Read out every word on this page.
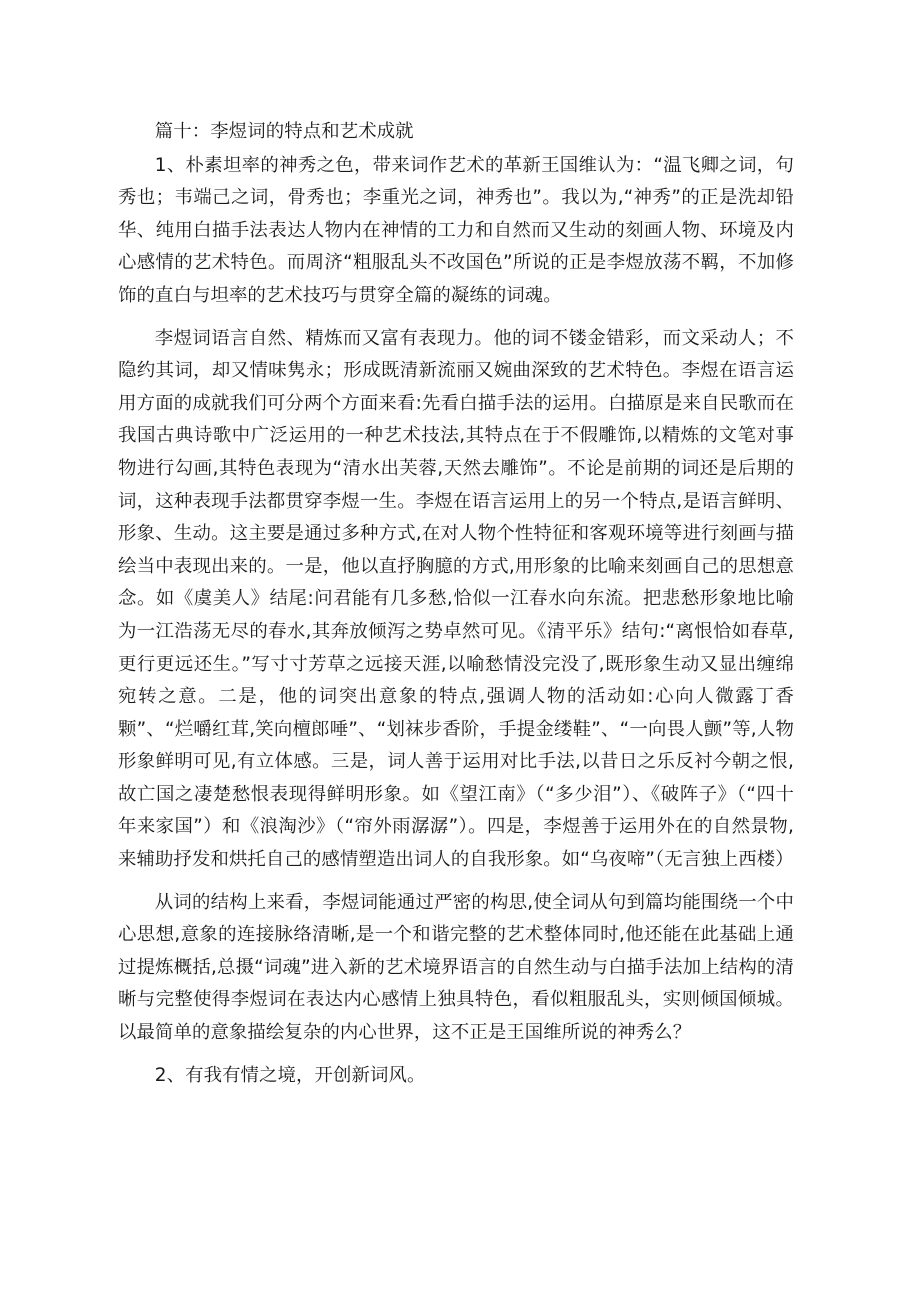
篇十：李煜词的特点和艺术成就

1、朴素坦率的神秀之色，带来词作艺术的革新王国维认为：“温飞卿之词，句秀也；韦端己之词，骨秀也；李重光之词，神秀也”。我以为,“神秀”的正是洗却铅华、纯用白描手法表达人物内在神情的工力和自然而又生动的刻画人物、环境及内心感情的艺术特色。而周济“粗服乱头不改国色”所说的正是李煜放荡不羁，不加修饰的直白与坦率的艺术技巧与贯穿全篇的凝练的词魂。

李煜词语言自然、精炼而又富有表现力。他的词不镂金错彩，而文采动人；不隐约其词，却又情味隽永；形成既清新流丽又婉曲深致的艺术特色。李煜在语言运用方面的成就我们可分两个方面来看:先看白描手法的运用。白描原是来自民歌而在我国古典诗歌中广泛运用的一种艺术技法,其特点在于不假雕饰,以精炼的文笔对事物进行勾画,其特色表现为“清水出芙蓉,天然去雕饰”。不论是前期的词还是后期的词，这种表现手法都贯穿李煜一生。李煜在语言运用上的另一个特点,是语言鲜明、形象、生动。这主要是通过多种方式,在对人物个性特征和客观环境等进行刻画与描绘当中表现出来的。一是，他以直抒胸臆的方式,用形象的比喻来刻画自己的思想意念。如《虞美人》结尾:问君能有几多愁,恰似一江春水向东流。把悲愁形象地比喻为一江浩荡无尽的春水,其奔放倾泻之势卓然可见。《清平乐》结句:“离恨恰如春草,更行更远还生。”写寸寸芳草之远接天涯,以喻愁情没完没了,既形象生动又显出缠绵宛转之意。二是，他的词突出意象的特点,强调人物的活动如:心向人微露丁香颗”、“烂嚼红茸,笑向檀郎唾”、“划袜步香阶，手提金缕鞋”、“一向畏人颤”等,人物形象鲜明可见,有立体感。三是，词人善于运用对比手法,以昔日之乐反衬今朝之恨,故亡国之凄楚愁恨表现得鲜明形象。如《望江南》（“多少泪”）、《破阵子》（“四十年来家国”）和《浪淘沙》（“帘外雨潺潺”）。四是，李煜善于运用外在的自然景物,来辅助抒发和烘托自己的感情塑造出词人的自我形象。如“乌夜啼”（无言独上西楼）

从词的结构上来看，李煜词能通过严密的构思,使全词从句到篇均能围绕一个中心思想,意象的连接脉络清晰,是一个和谐完整的艺术整体同时,他还能在此基础上通过提炼概括,总摄“词魂”进入新的艺术境界语言的自然生动与白描手法加上结构的清晰与完整使得李煜词在表达内心感情上独具特色，看似粗服乱头，实则倾国倾城。以最简单的意象描绘复杂的内心世界，这不正是王国维所说的神秀么？

2、有我有情之境，开创新词风。
